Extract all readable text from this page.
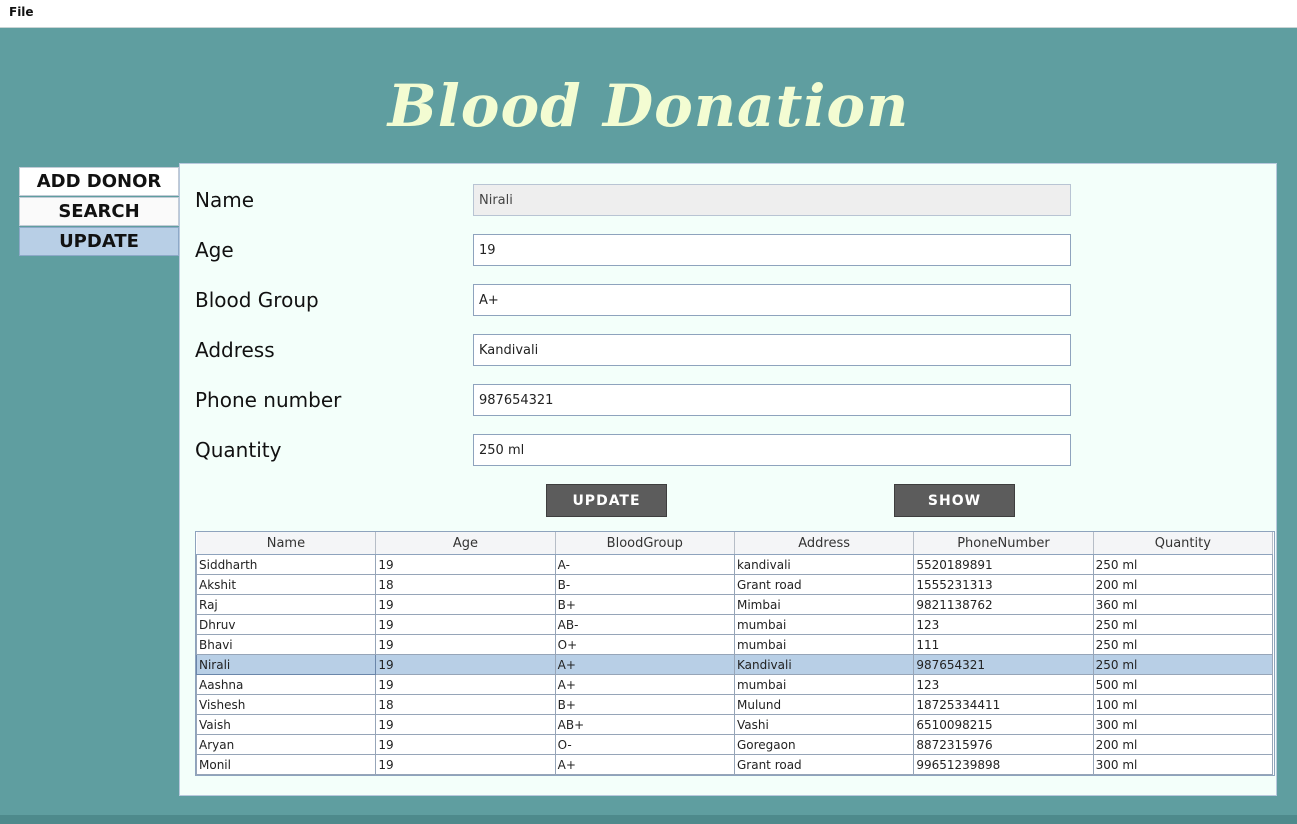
File
Blood Donation
ADD DONOR
SEARCH
UPDATE
Name	Nirali
Age	19
Blood Group	A+
Address	Kandivali
Phone number	987654321
Quantity	250 ml
UPDATE	SHOW
Name	Age	BloodGroup	Address	PhoneNumber	Quantity
Siddharth	19	A-	kandivali	5520189891	250 ml
Akshit	18	B-	Grant road	1555231313	200 ml
Raj	19	B+	Mimbai	9821138762	360 ml
Dhruv	19	AB-	mumbai	123	250 ml
Bhavi	19	O+	mumbai	111	250 ml
Nirali	19	A+	Kandivali	987654321	250 ml
Aashna	19	A+	mumbai	123	500 ml
Vishesh	18	B+	Mulund	18725334411	100 ml
Vaish	19	AB+	Vashi	6510098215	300 ml
Aryan	19	O-	Goregaon	8872315976	200 ml
Monil	19	A+	Grant road	99651239898	300 ml
